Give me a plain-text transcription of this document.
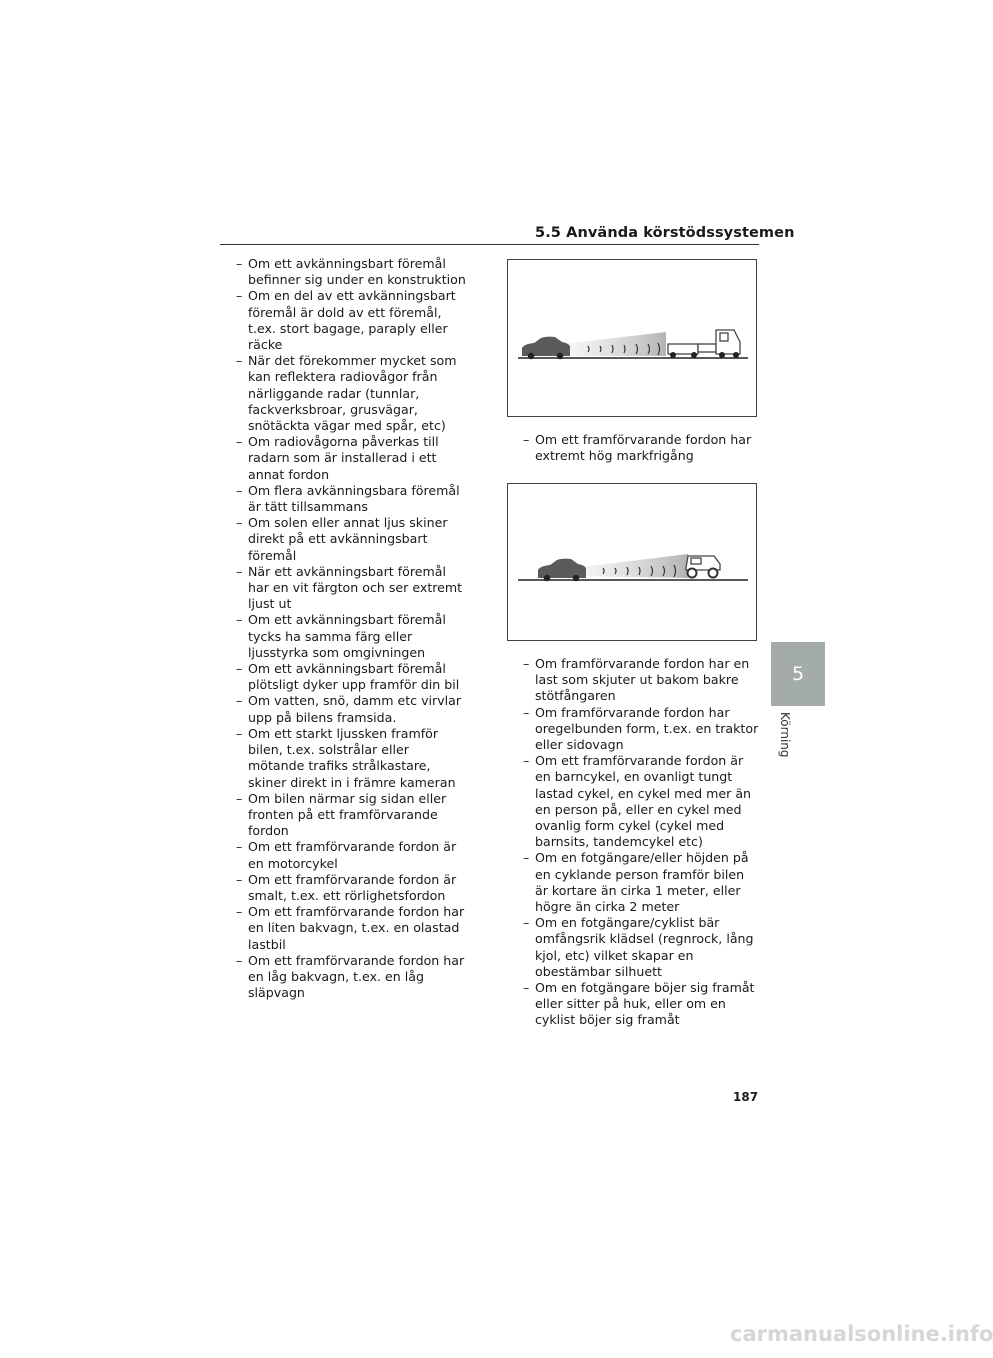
5.5 Använda körstödssystemen
– Om ett avkänningsbart föremål befinner sig under en konstruktion
– Om en del av ett avkänningsbart föremål är dold av ett föremål, t.ex. stort bagage, paraply eller räcke
– När det förekommer mycket som kan reflektera radiovågor från närliggande radar (tunnlar, fackverksbroar, grusvägar, snötäckta vägar med spår, etc)
– Om radiovågorna påverkas till radarn som är installerad i ett annat fordon
– Om flera avkänningsbara föremål är tätt tillsammans
– Om solen eller annat ljus skiner direkt på ett avkänningsbart föremål
– När ett avkänningsbart föremål har en vit färgton och ser extremt ljust ut
– Om ett avkänningsbart föremål tycks ha samma färg eller ljusstyrka som omgivningen
– Om ett avkänningsbart föremål plötsligt dyker upp framför din bil
– Om vatten, snö, damm etc virvlar upp på bilens framsida.
– Om ett starkt ljussken framför bilen, t.ex. solstrålar eller mötande trafiks strålkastare, skiner direkt in i främre kameran
– Om bilen närmar sig sidan eller fronten på ett framförvarande fordon
– Om ett framförvarande fordon är en motorcykel
– Om ett framförvarande fordon är smalt, t.ex. ett rörlighetsfordon
– Om ett framförvarande fordon har en liten bakvagn, t.ex. en olastad lastbil
– Om ett framförvarande fordon har en låg bakvagn, t.ex. en låg släpvagn
– Om ett framförvarande fordon har extremt hög markfrigång
– Om framförvarande fordon har en last som skjuter ut bakom bakre stötfångaren
– Om framförvarande fordon har oregelbunden form, t.ex. en traktor eller sidovagn
– Om ett framförvarande fordon är en barncykel, en ovanligt tungt lastad cykel, en cykel med mer än en person på, eller en cykel med ovanlig form cykel (cykel med barnsits, tandemcykel etc)
– Om en fotgängare/eller höjden på en cyklande person framför bilen är kortare än cirka 1 meter, eller högre än cirka 2 meter
– Om en fotgängare/cyklist bär omfångsrik klädsel (regnrock, lång kjol, etc) vilket skapar en obestämbar silhuett
– Om en fotgängare böjer sig framåt eller sitter på huk, eller om en cyklist böjer sig framåt
5
Körning
187
carmanualsonline.info
